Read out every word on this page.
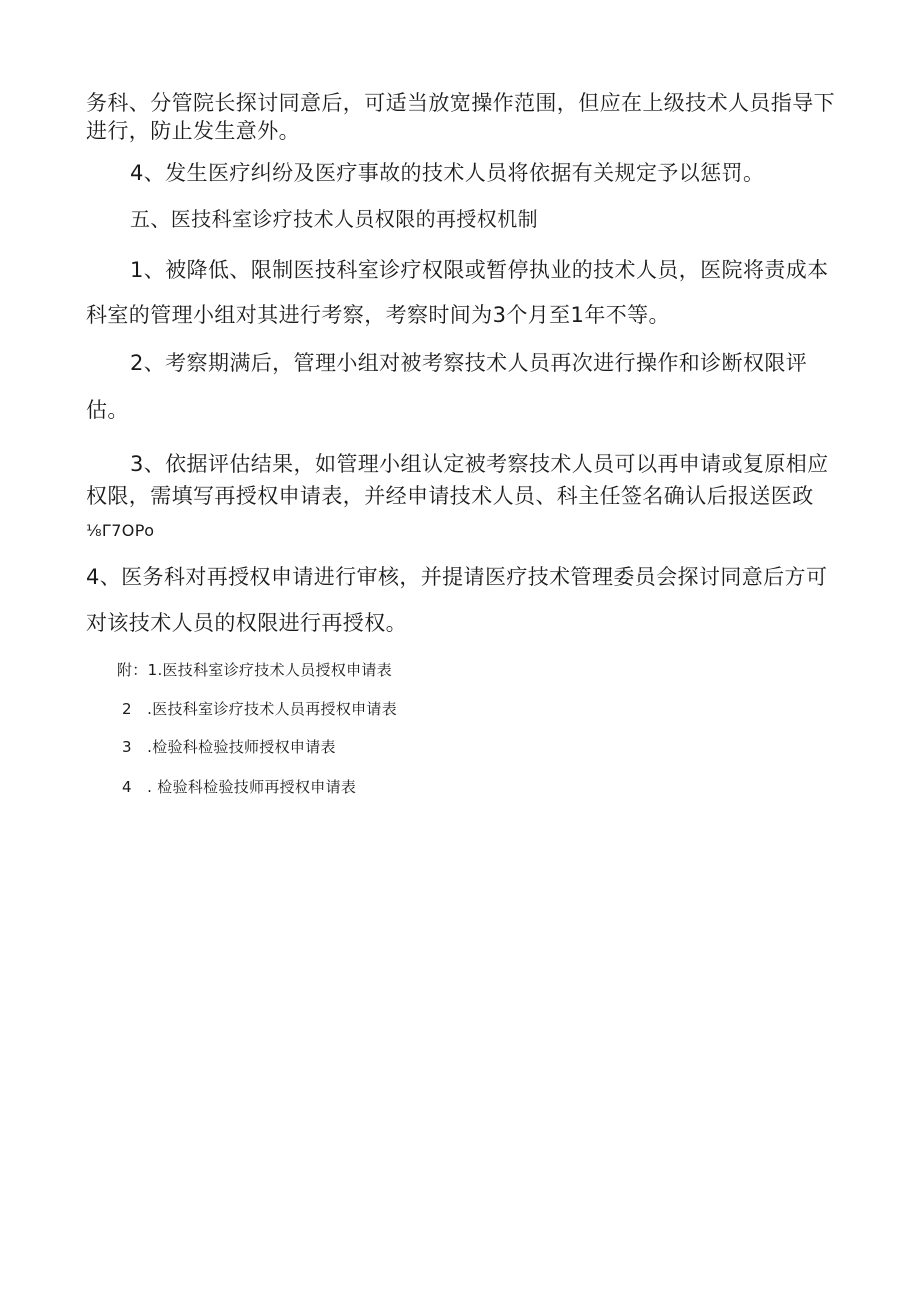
务科、分管院长探讨同意后，可适当放宽操作范围，但应在上级技术人员指导下
进行，防止发生意外。
4、发生医疗纠纷及医疗事故的技术人员将依据有关规定予以惩罚。
五、医技科室诊疗技术人员权限的再授权机制
1、被降低、限制医技科室诊疗权限或暂停执业的技术人员，医院将责成本
科室的管理小组对其进行考察，考察时间为3个月至1年不等。
2、考察期满后，管理小组对被考察技术人员再次进行操作和诊断权限评
估。
3、依据评估结果，如管理小组认定被考察技术人员可以再申请或复原相应
权限，需填写再授权申请表，并经申请技术人员、科主任签名确认后报送医政
⅛Γ7OPo
4、医务科对再授权申请进行审核，并提请医疗技术管理委员会探讨同意后方可
对该技术人员的权限进行再授权。
附：1.医技科室诊疗技术人员授权申请表
2　.医技科室诊疗技术人员再授权申请表
3　.检验科检验技师授权申请表
4　. 检验科检验技师再授权申请表
